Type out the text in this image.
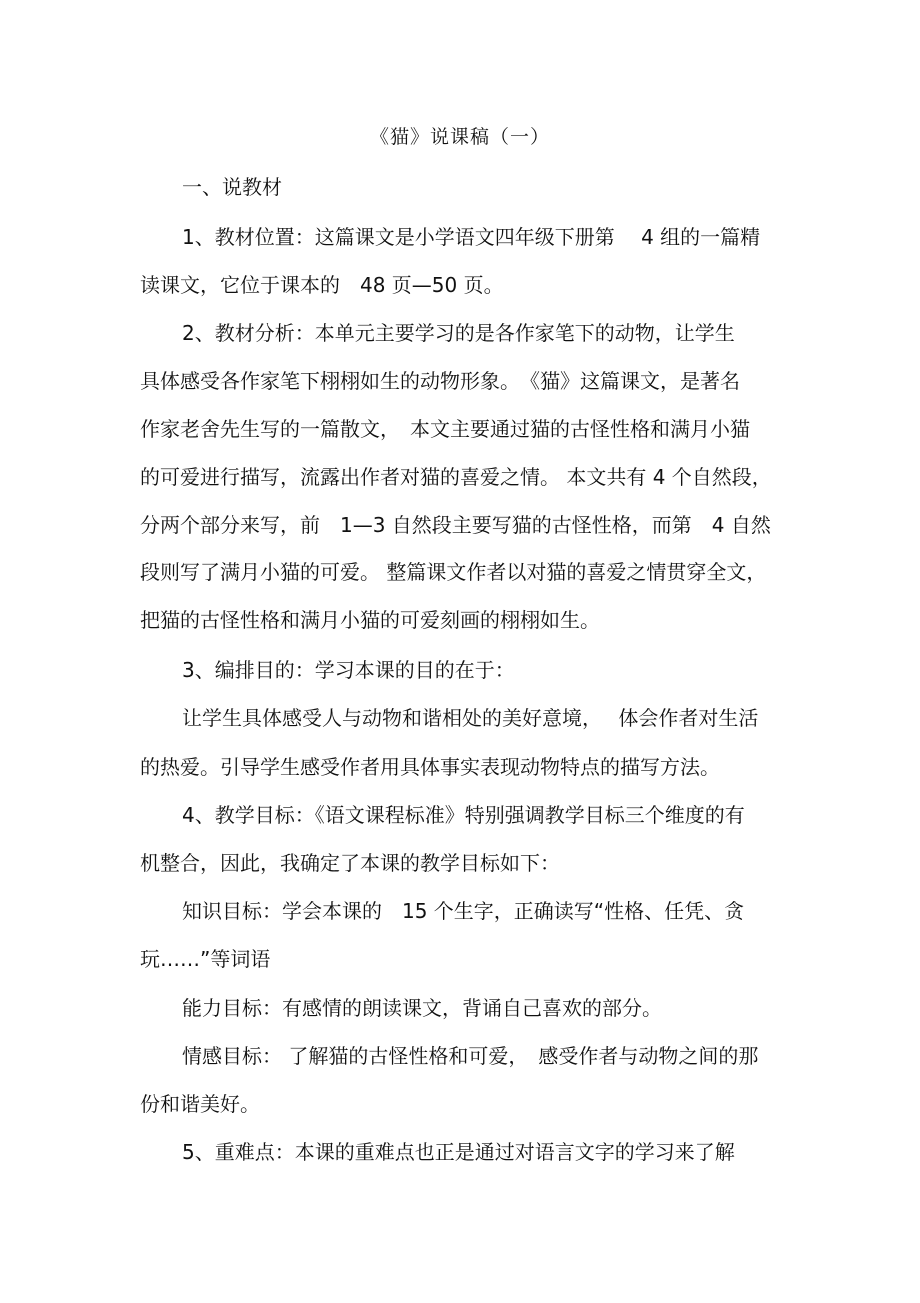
《猫》说课稿（一）
一、说教材
1、教材位置：这篇课文是小学语文四年级下册第　 4 组的一篇精
读课文，它位于课本的　48 页—50 页。
2、教材分析：本单元主要学习的是各作家笔下的动物，让学生
具体感受各作家笔下栩栩如生的动物形象。　《猫》这篇课文，是著名
作家老舍先生写的一篇散文，　本文主要通过猫的古怪性格和满月小猫
的可爱进行描写，流露出作者对猫的喜爱之情。 本文共有 4 个自然段，
分两个部分来写，前　1—3 自然段主要写猫的古怪性格，而第　4 自然
段则写了满月小猫的可爱。 整篇课文作者以对猫的喜爱之情贯穿全文，
把猫的古怪性格和满月小猫的可爱刻画的栩栩如生。
3、编排目的：学习本课的目的在于：
让学生具体感受人与动物和谐相处的美好意境，　 体会作者对生活
的热爱。引导学生感受作者用具体事实表现动物特点的描写方法。
4、教学目标：《语文课程标准》特别强调教学目标三个维度的有
机整合，因此，我确定了本课的教学目标如下：
知识目标：学会本课的　15 个生字，正确读写“性格、任凭、贪
玩……”等词语
能力目标：有感情的朗读课文，背诵自己喜欢的部分。
情感目标： 了解猫的古怪性格和可爱，　感受作者与动物之间的那
份和谐美好。
5、重难点：本课的重难点也正是通过对语言文字的学习来了解
